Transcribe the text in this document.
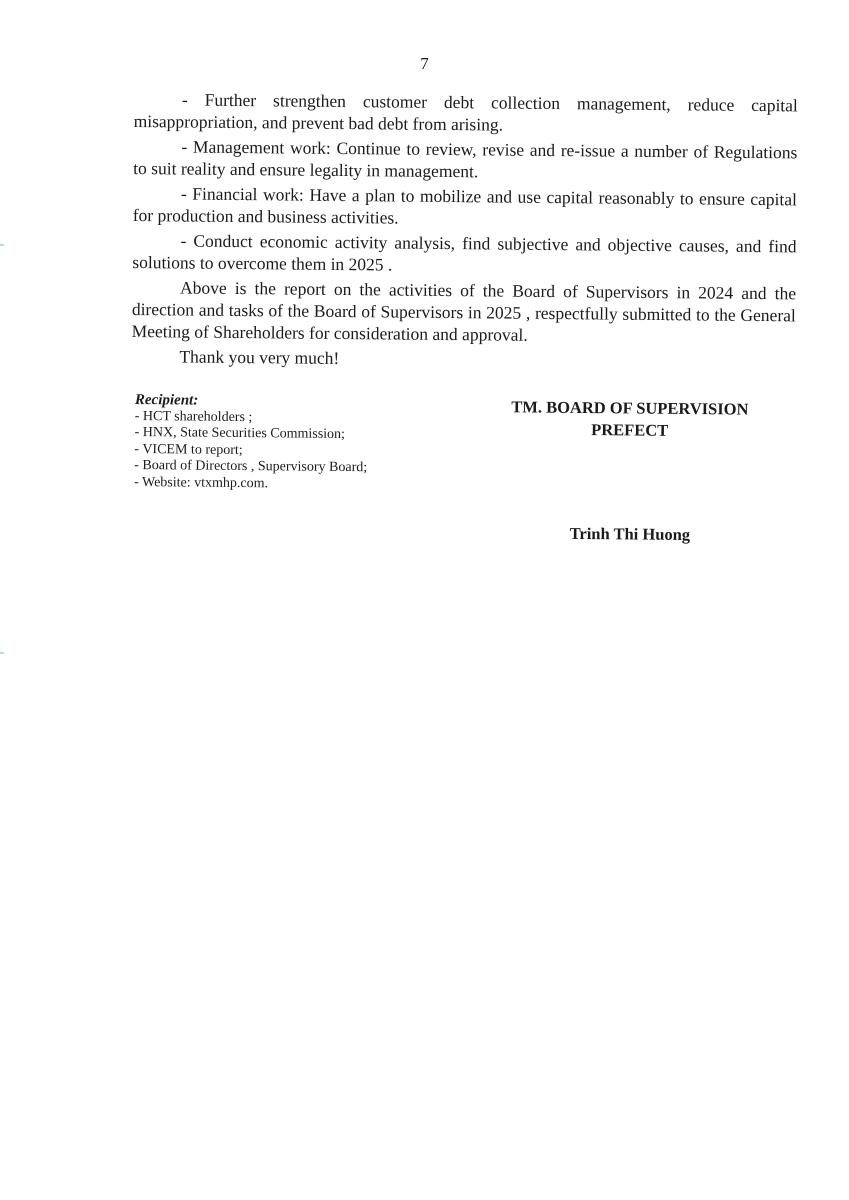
7

- Further strengthen customer debt collection management, reduce capital misappropriation, and prevent bad debt from arising.

- Management work: Continue to review, revise and re-issue a number of Regulations to suit reality and ensure legality in management.

- Financial work: Have a plan to mobilize and use capital reasonably to ensure capital for production and business activities.

- Conduct economic activity analysis, find subjective and objective causes, and find solutions to overcome them in 2025 .

Above is the report on the activities of the Board of Supervisors in 2024 and the direction and tasks of the Board of Supervisors in 2025 , respectfully submitted to the General Meeting of Shareholders for consideration and approval.

Thank you very much!

Recipient:
- HCT shareholders ;
- HNX, State Securities Commission;
- VICEM to report;
- Board of Directors , Supervisory Board;
- Website: vtxmhp.com.
TM. BOARD OF SUPERVISION
PREFECT
Trinh Thi Huong
